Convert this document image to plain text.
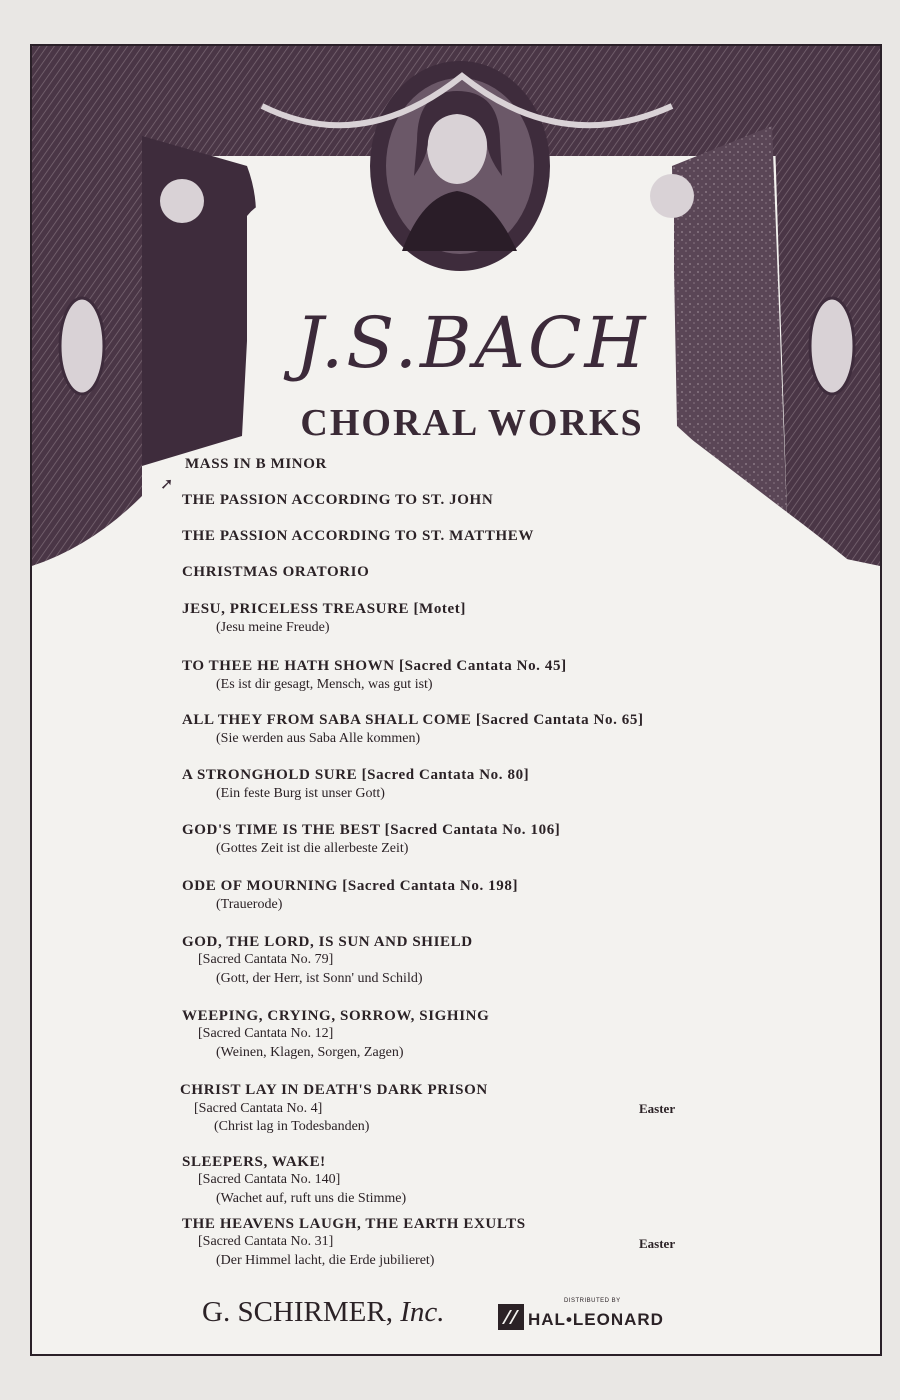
J.S.BACH
CHORAL WORKS
➚
MASS IN B MINOR
THE PASSION ACCORDING TO ST. JOHN
THE PASSION ACCORDING TO ST. MATTHEW
CHRISTMAS ORATORIO
JESU, PRICELESS TREASURE [Motet]
(Jesu meine Freude)
TO THEE HE HATH SHOWN [Sacred Cantata No. 45]
(Es ist dir gesagt, Mensch, was gut ist)
ALL THEY FROM SABA SHALL COME [Sacred Cantata No. 65]
(Sie werden aus Saba Alle kommen)
A STRONGHOLD SURE [Sacred Cantata No. 80]
(Ein feste Burg ist unser Gott)
GOD'S TIME IS THE BEST [Sacred Cantata No. 106]
(Gottes Zeit ist die allerbeste Zeit)
ODE OF MOURNING [Sacred Cantata No. 198]
(Trauerode)
GOD, THE LORD, IS SUN AND SHIELD
[Sacred Cantata No. 79]
(Gott, der Herr, ist Sonn' und Schild)
WEEPING, CRYING, SORROW, SIGHING
[Sacred Cantata No. 12]
(Weinen, Klagen, Sorgen, Zagen)
CHRIST LAY IN DEATH'S DARK PRISON
[Sacred Cantata No. 4]	Easter
(Christ lag in Todesbanden)
SLEEPERS, WAKE!
[Sacred Cantata No. 140]
(Wachet auf, ruft uns die Stimme)
THE HEAVENS LAUGH, THE EARTH EXULTS
[Sacred Cantata No. 31]	Easter
(Der Himmel lacht, die Erde jubilieret)
G. SCHIRMER, Inc.	DISTRIBUTED BY
HAL•LEONARD
